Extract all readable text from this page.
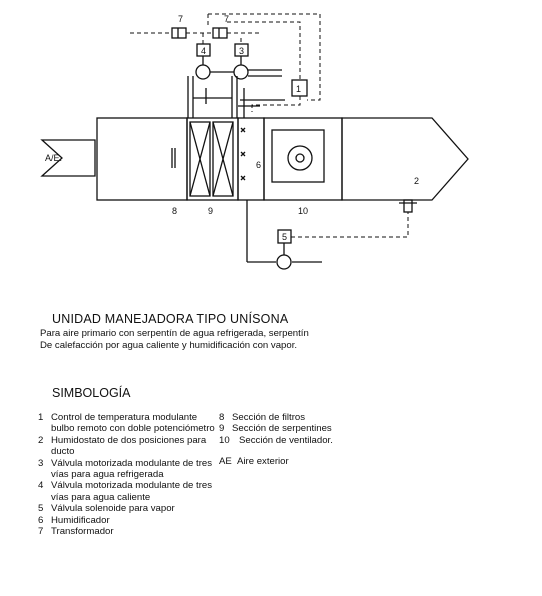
A/E.
1
2
3
4
5
6
7	7
8	9	10
UNIDAD MANEJADORA TIPO UNÍSONA
Para aire primario con serpentín de agua refrigerada, serpentín
De calefacción por agua caliente y humidificación con vapor.
SIMBOLOGÍA
1 Control de temperatura modulante bulbo remoto con doble potenciómetro
2 Humidostato de dos posiciones para ducto
3 Válvula motorizada modulante de tres vías para agua refrigerada
4 Válvula motorizada modulante de tres vías para agua caliente
5 Válvula solenoide para vapor
6 Humidificador
7 Transformador
8 Sección de filtros
9 Sección de serpentines
10 Sección de ventilador.
AE Aire exterior
